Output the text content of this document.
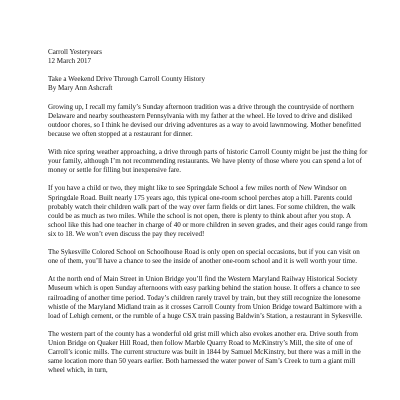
Carroll Yesteryears
12 March 2017
Take a Weekend Drive Through Carroll County History
By Mary Ann Ashcraft

Growing up, I recall my family’s Sunday afternoon tradition was a drive through the countryside of northern Delaware and nearby southeastern Pennsylvania with my father at the wheel. He loved to drive and disliked outdoor chores, so I think he devised our driving adventures as a way to avoid lawnmowing. Mother benefitted because we often stopped at a restaurant for dinner.

With nice spring weather approaching, a drive through parts of historic Carroll County might be just the thing for your family, although I’m not recommending restaurants. We have plenty of those where you can spend a lot of money or settle for filling but inexpensive fare.

If you have a child or two, they might like to see Springdale School a few miles north of New Windsor on Springdale Road. Built nearly 175 years ago, this typical one-room school perches atop a hill. Parents could probably watch their children walk part of the way over farm fields or dirt lanes. For some children, the walk could be as much as two miles. While the school is not open, there is plenty to think about after you stop. A school like this had one teacher in charge of 40 or more children in seven grades, and their ages could range from six to 18. We won’t even discuss the pay they received!

The Sykesville Colored School on Schoolhouse Road is only open on special occasions, but if you can visit on one of them, you’ll have a chance to see the inside of another one-room school and it is well worth your time.

At the north end of Main Street in Union Bridge you’ll find the Western Maryland Railway Historical Society Museum which is open Sunday afternoons with easy parking behind the station house. It offers a chance to see railroading of another time period. Today’s children rarely travel by train, but they still recognize the lonesome whistle of the Maryland Midland train as it crosses Carroll County from Union Bridge toward Baltimore with a load of Lehigh cement, or the rumble of a huge CSX train passing Baldwin’s Station, a restaurant in Sykesville.

The western part of the county has a wonderful old grist mill which also evokes another era. Drive south from Union Bridge on Quaker Hill Road, then follow Marble Quarry Road to McKinstry’s Mill, the site of one of Carroll’s iconic mills. The current structure was built in 1844 by Samuel McKinstry, but there was a mill in the same location more than 50 years earlier. Both harnessed the water power of Sam’s Creek to turn a giant mill wheel which, in turn,
